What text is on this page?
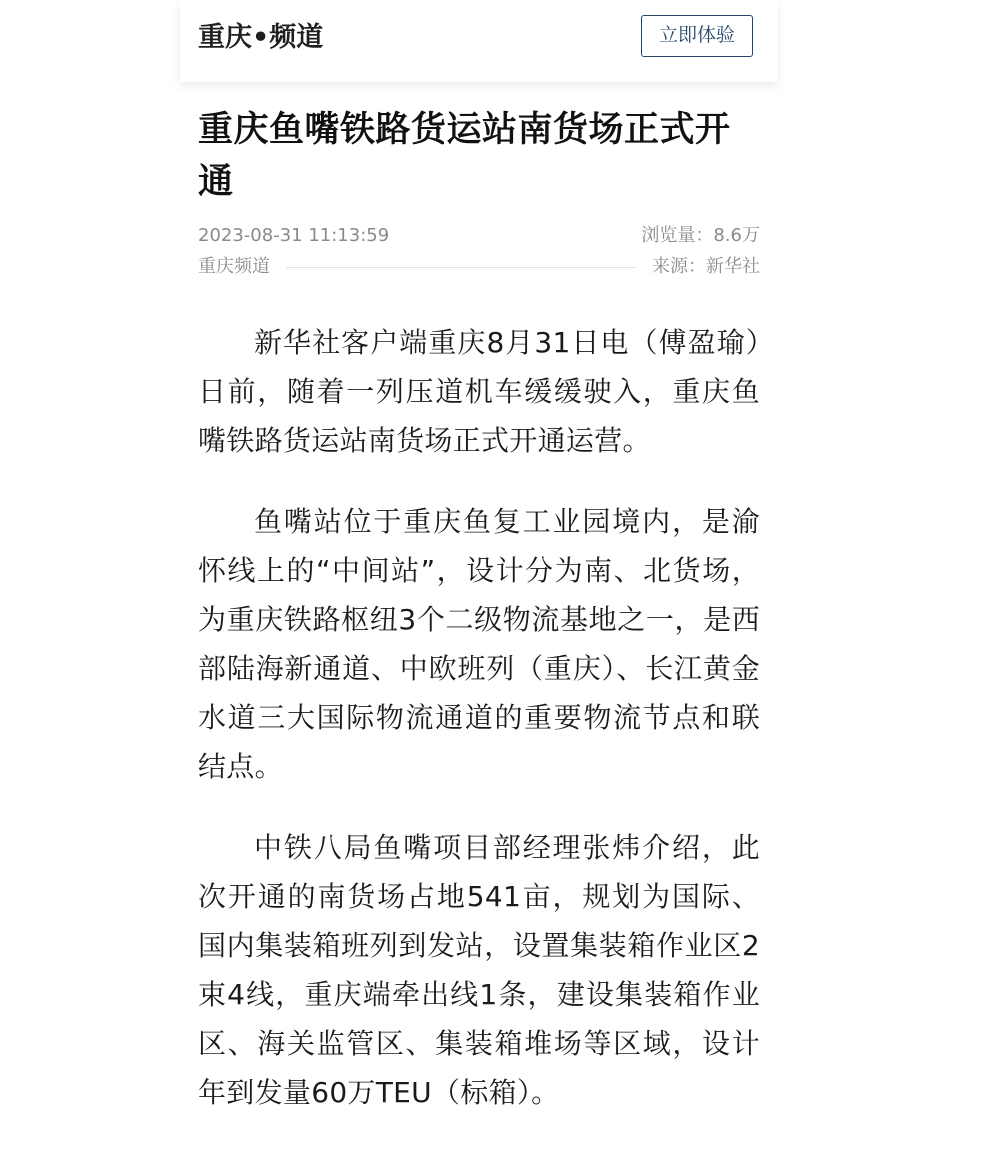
重庆•频道	立即体验
重庆鱼嘴铁路货运站南货场正式开通
2023-08-31 11:13:59	浏览量：8.6万
重庆频道	来源：新华社

新华社客户端重庆8月31日电（傅盈瑜）日前，随着一列压道机车缓缓驶入，重庆鱼嘴铁路货运站南货场正式开通运营。

鱼嘴站位于重庆鱼复工业园境内，是渝怀线上的“中间站”，设计分为南、北货场，为重庆铁路枢纽3个二级物流基地之一，是西部陆海新通道、中欧班列（重庆）、长江黄金水道三大国际物流通道的重要物流节点和联结点。

中铁八局鱼嘴项目部经理张炜介绍，此次开通的南货场占地541亩，规划为国际、国内集装箱班列到发站，设置集装箱作业区2束4线，重庆端牵出线1条，建设集装箱作业区、海关监管区、集装箱堆场等区域，设计年到发量60万TEU（标箱）。
